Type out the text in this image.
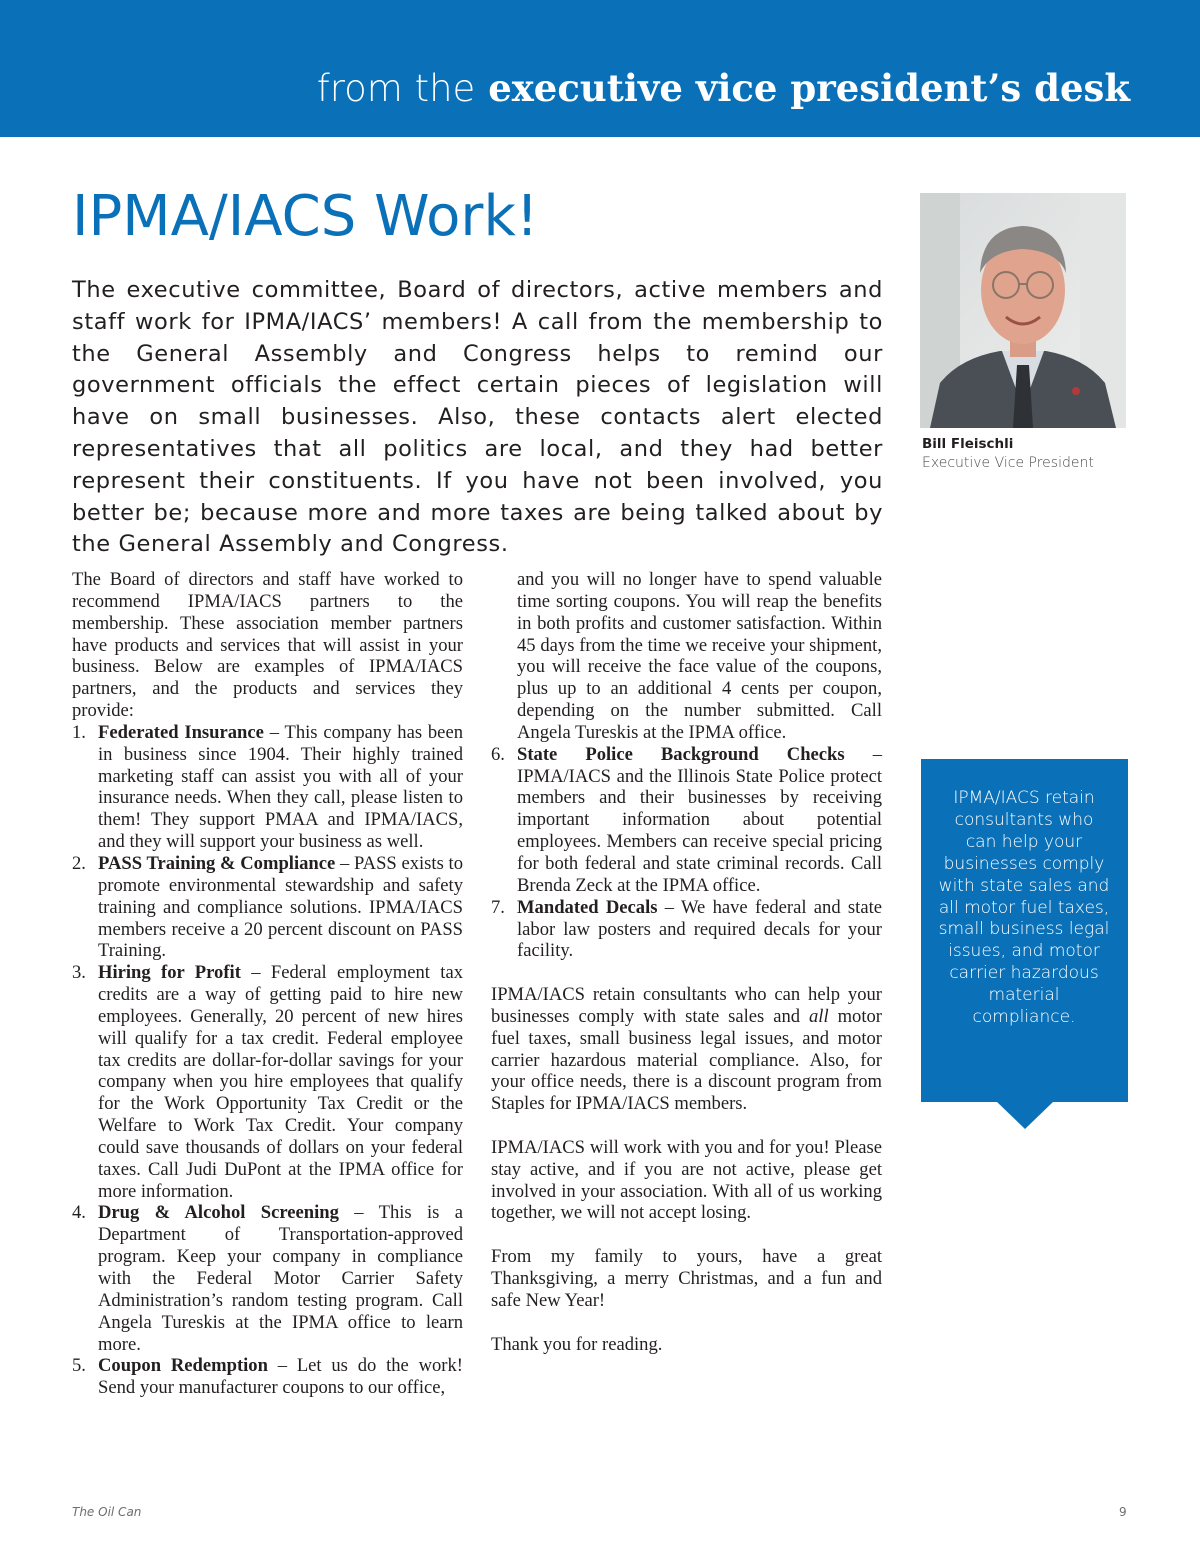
from the executive vice president’s desk
IPMA/IACS Work!

The executive committee, Board of directors, active members and staff work for IPMA/IACS’ members! A call from the membership to the General Assembly and Congress helps to remind our government officials the effect certain pieces of legislation will have on small businesses. Also, these contacts alert elected representatives that all politics are local, and they had better represent their constituents. If you have not been involved, you better be; because more and more taxes are being talked about by the General Assembly and Congress.

Bill Fleischli
Executive Vice President

The Board of directors and staff have worked to recommend IPMA/IACS partners to the membership. These association member partners have products and services that will assist in your business. Below are examples of IPMA/IACS partners, and the products and services they provide:

1. Federated Insurance – This company has been in business since 1904. Their highly trained marketing staff can assist you with all of your insurance needs. When they call, please listen to them! They support PMAA and IPMA/IACS, and they will support your business as well.
2. PASS Training & Compliance – PASS exists to promote environmental stewardship and safety training and compliance solutions. IPMA/IACS members receive a 20 percent discount on PASS Training.
3. Hiring for Profit – Federal employment tax credits are a way of getting paid to hire new employees. Generally, 20 percent of new hires will qualify for a tax credit. Federal employee tax credits are dollar-for-dollar savings for your company when you hire employees that qualify for the Work Opportunity Tax Credit or the Welfare to Work Tax Credit. Your company could save thousands of dollars on your federal taxes. Call Judi DuPont at the IPMA office for more information.
4. Drug & Alcohol Screening – This is a Department of Transportation-approved program. Keep your company in compliance with the Federal Motor Carrier Safety Administration’s random testing program. Call Angela Tureskis at the IPMA office to learn more.
5. Coupon Redemption – Let us do the work! Send your manufacturer coupons to our office,

and you will no longer have to spend valuable time sorting coupons. You will reap the benefits in both profits and customer satisfaction. Within 45 days from the time we receive your shipment, you will receive the face value of the coupons, plus up to an additional 4 cents per coupon, depending on the number submitted. Call Angela Tureskis at the IPMA office.

6. State Police Background Checks – IPMA/IACS and the Illinois State Police protect members and their businesses by receiving important information about potential employees. Members can receive special pricing for both federal and state criminal records. Call Brenda Zeck at the IPMA office.
7. Mandated Decals – We have federal and state labor law posters and required decals for your facility.

IPMA/IACS retain consultants who can help your businesses comply with state sales and all motor fuel taxes, small business legal issues, and motor carrier hazardous material compliance. Also, for your office needs, there is a discount program from Staples for IPMA/IACS members.

IPMA/IACS will work with you and for you! Please stay active, and if you are not active, please get involved in your association. With all of us working together, we will not accept losing.

From my family to yours, have a great Thanksgiving, a merry Christmas, and a fun and safe New Year!

Thank you for reading.

IPMA/IACS retain consultants who can help your businesses comply with state sales and all motor fuel taxes, small business legal issues, and motor carrier hazardous material compliance.

The Oil Can	9
